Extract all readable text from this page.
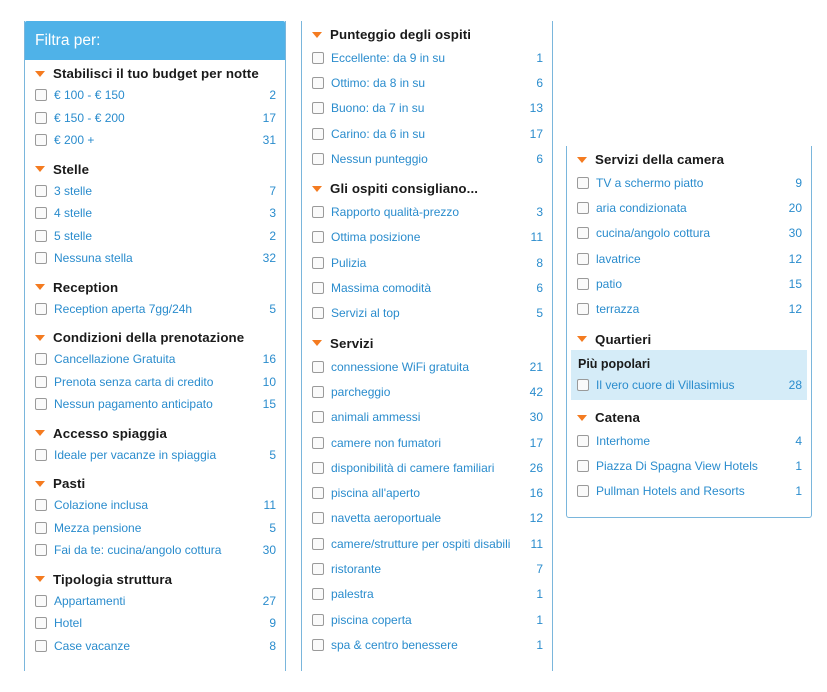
Filtra per:
Stabilisci il tuo budget per notte
€ 100 - € 150	2
€ 150 - € 200	17
€ 200 +	31
Stelle
3 stelle	7
4 stelle	3
5 stelle	2
Nessuna stella	32
Reception
Reception aperta 7gg/24h	5
Condizioni della prenotazione
Cancellazione Gratuita	16
Prenota senza carta di credito	10
Nessun pagamento anticipato	15
Accesso spiaggia
Ideale per vacanze in spiaggia	5
Pasti
Colazione inclusa	11
Mezza pensione	5
Fai da te: cucina/angolo cottura	30
Tipologia struttura
Appartamenti	27
Hotel	9
Case vacanze	8
Punteggio degli ospiti
Eccellente: da 9 in su	1
Ottimo: da 8 in su	6
Buono: da 7 in su	13
Carino: da 6 in su	17
Nessun punteggio	6
Gli ospiti consigliano...
Rapporto qualità-prezzo	3
Ottima posizione	11
Pulizia	8
Massima comodità	6
Servizi al top	5
Servizi
connessione WiFi gratuita	21
parcheggio	42
animali ammessi	30
camere non fumatori	17
disponibilità di camere familiari	26
piscina all'aperto	16
navetta aeroportuale	12
camere/strutture per ospiti disabili	11
ristorante	7
palestra	1
piscina coperta	1
spa & centro benessere	1
Servizi della camera
TV a schermo piatto	9
aria condizionata	20
cucina/angolo cottura	30
lavatrice	12
patio	15
terrazza	12
Quartieri
Più popolari
Il vero cuore di Villasimius	28
Catena
Interhome	4
Piazza Di Spagna View Hotels	1
Pullman Hotels and Resorts	1
